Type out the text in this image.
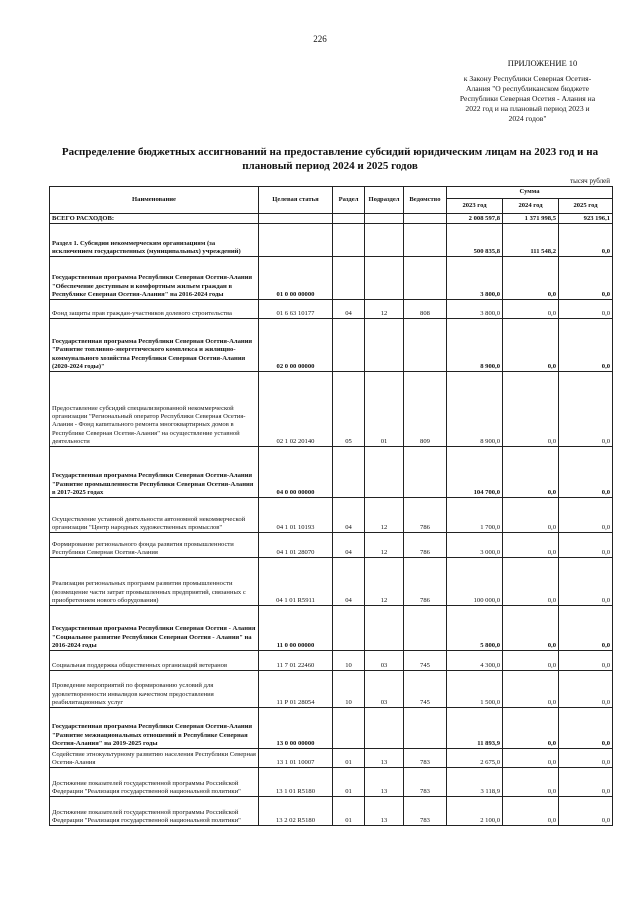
226
ПРИЛОЖЕНИЕ 10
к Закону Республики Северная Осетия-
Алания "О республиканском бюджете
Республики Северная Осетия - Алания на
2022 год и на плановый период 2023 и
2024 годов"
Распределение бюджетных ассигнований на предоставление субсидий юридическим лицам на 2023 год и на
плановый период 2024 и 2025 годов
тысяч рублей
Наименование	Целевая статья	Раздел	Подраздел	Ведомство	Сумма		
					2023 год	2024 год	2025 год
ВСЕГО РАСХОДОВ:					2 008 597,8	1 371 998,5	923 196,1
Раздел 1. Субсидии некоммерческим организациям (за исключением государственных (муниципальных) учреждений)					500 835,8	111 548,2	0,0
Государственная программа Республики Северная Осетия-Алания "Обеспечение доступным и комфортным жильем граждан в Республике Северная Осетия-Алания" на 2016-2024 годы	01 0 00 00000				3 800,0	0,0	0,0
Фонд защиты прав граждан-участников долевого строительства	01 6 63 10177	04	12	808	3 800,0	0,0	0,0
Государственная программа Республики Северная Осетия-Алания "Развитие топливно-энергетического комплекса и жилищно-коммунального хозяйства Республики Северная Осетия-Алания (2020-2024 годы)"	02 0 00 00000				8 900,0	0,0	0,0
Предоставление субсидий специализированной некоммерческой организации "Региональный оператор Республики Северная Осетия-Алания - Фонд капитального ремонта многоквартирных домов в Республике Северная Осетия-Алания" на осуществление уставной деятельности	02 1 02 20140	05	01	809	8 900,0	0,0	0,0
Государственная программа Республики Северная Осетия-Алания "Развитие промышленности Республики Северная Осетия-Алания в 2017-2025 годах	04 0 00 00000				104 700,0	0,0	0,0
Осуществление уставной деятельности автономной некоммерческой организации "Центр народных художественных промыслов"	04 1 01 10193	04	12	786	1 700,0	0,0	0,0
Формирование регионального фонда развития промышленности Республики Северная Осетия-Алания	04 1 01 28070	04	12	786	3 000,0	0,0	0,0
Реализация региональных программ развития промышленности (возмещение части затрат промышленных предприятий, связанных с приобретением нового оборудования)	04 1 01 R5911	04	12	786	100 000,0	0,0	0,0
Государственная программа Республики Северная Осетия - Алания "Социальное развитие Республики Северная Осетия - Алания" на 2016-2024 годы	11 0 00 00000				5 800,0	0,0	0,0
Социальная поддержка общественных организаций ветеранов	11 7 01 22460	10	03	745	4 300,0	0,0	0,0
Проведение мероприятий по формированию условий для удовлетворенности инвалидов качеством предоставления реабилитационных услуг	11 Р 01 28054	10	03	745	1 500,0	0,0	0,0
Государственная программа Республики Северная Осетия-Алания "Развитие межнациональных отношений в Республике Северная Осетия-Алания" на 2019-2025 годы	13 0 00 00000				11 893,9	0,0	0,0
Содействие этнокультурному развитию населения Республики Северная Осетия-Алания	13 1 01 10007	01	13	783	2 675,0	0,0	0,0
Достижение показателей государственной программы Российской Федерации "Реализация государственной национальной политики"	13 1 01 R5180	01	13	783	3 118,9	0,0	0,0
Достижение показателей государственной программы Российской Федерации "Реализация государственной национальной политики"	13 2 02 R5180	01	13	783	2 100,0	0,0	0,0
